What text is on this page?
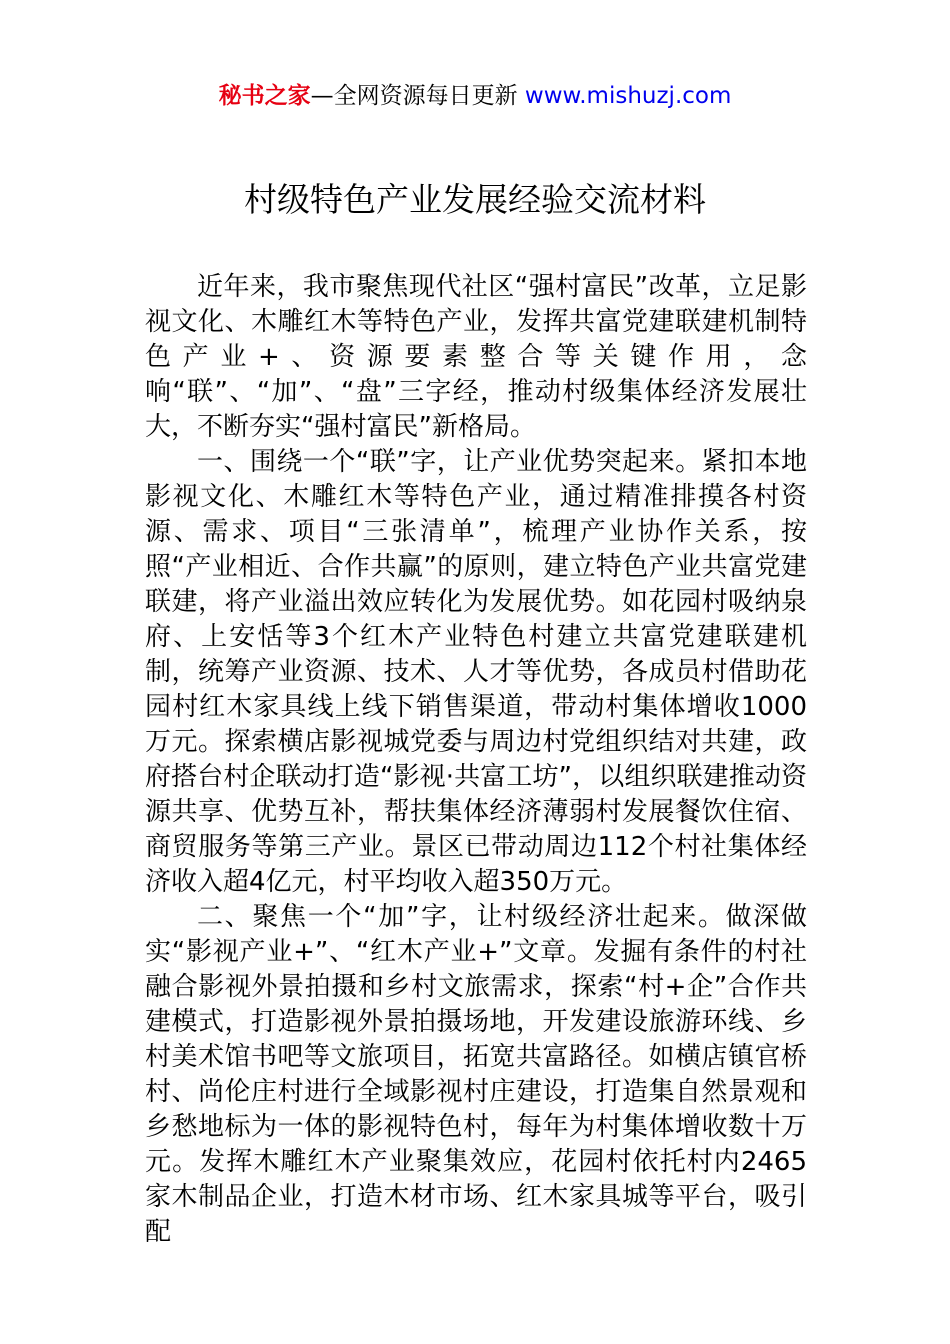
秘书之家—全网资源每日更新 www.mishuzj.com
村级特色产业发展经验交流材料

近年来，我市聚焦现代社区“强村富民”改革，立足影视文化、木雕红木等特色产业，发挥共富党建联建机制特色产业+、资源要素整合等关键作用，念响“联”、“加”、“盘”三字经，推动村级集体经济发展壮大，不断夯实“强村富民”新格局。

一、围绕一个“联”字，让产业优势突起来。紧扣本地影视文化、木雕红木等特色产业，通过精准排摸各村资源、需求、项目“三张清单”，梳理产业协作关系，按照“产业相近、合作共赢”的原则，建立特色产业共富党建联建，将产业溢出效应转化为发展优势。如花园村吸纳泉府、上安恬等3个红木产业特色村建立共富党建联建机制，统筹产业资源、技术、人才等优势，各成员村借助花园村红木家具线上线下销售渠道，带动村集体增收1000万元。探索横店影视城党委与周边村党组织结对共建，政府搭台村企联动打造“影视·共富工坊”，以组织联建推动资源共享、优势互补，帮扶集体经济薄弱村发展餐饮住宿、商贸服务等第三产业。景区已带动周边112个村社集体经济收入超4亿元，村平均收入超350万元。

二、聚焦一个“加”字，让村级经济壮起来。做深做实“影视产业+”、“红木产业+”文章。发掘有条件的村社融合影视外景拍摄和乡村文旅需求，探索“村+企”合作共建模式，打造影视外景拍摄场地，开发建设旅游环线、乡村美术馆书吧等文旅项目，拓宽共富路径。如横店镇官桥村、尚伦庄村进行全域影视村庄建设，打造集自然景观和乡愁地标为一体的影视特色村，每年为村集体增收数十万元。发挥木雕红木产业聚集效应，花园村依托村内2465家木制品企业，打造木材市场、红木家具城等平台，吸引配
